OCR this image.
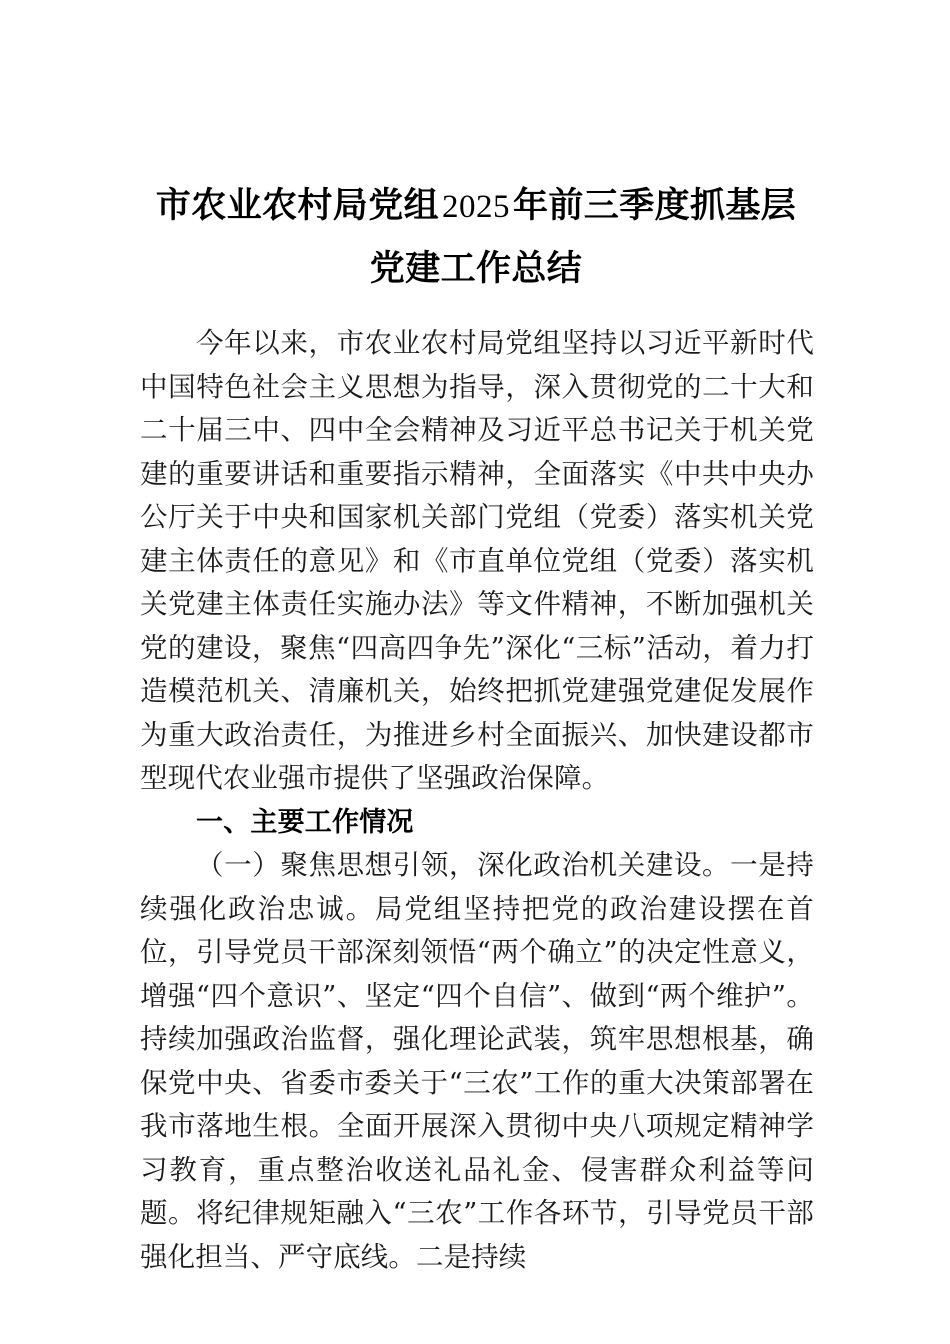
市农业农村局党组2025年前三季度抓基层
党建工作总结

今年以来，市农业农村局党组坚持以习近平新时代中国特色社会主义思想为指导，深入贯彻党的二十大和二十届三中、四中全会精神及习近平总书记关于机关党建的重要讲话和重要指示精神，全面落实《中共中央办公厅关于中央和国家机关部门党组（党委）落实机关党建主体责任的意见》和《市直单位党组（党委）落实机关党建主体责任实施办法》等文件精神，不断加强机关党的建设，聚焦“四高四争先”深化“三标”活动，着力打造模范机关、清廉机关，始终把抓党建强党建促发展作为重大政治责任，为推进乡村全面振兴、加快建设都市型现代农业强市提供了坚强政治保障。

一、主要工作情况

（一）聚焦思想引领，深化政治机关建设。一是持续强化政治忠诚。局党组坚持把党的政治建设摆在首位，引导党员干部深刻领悟“两个确立”的决定性意义，增强“四个意识”、坚定“四个自信”、做到“两个维护”。持续加强政治监督，强化理论武装，筑牢思想根基，确保党中央、省委市委关于“三农”工作的重大决策部署在我市落地生根。全面开展深入贯彻中央八项规定精神学习教育，重点整治收送礼品礼金、侵害群众利益等问题。将纪律规矩融入“三农”工作各环节，引导党员干部强化担当、严守底线。二是持续
